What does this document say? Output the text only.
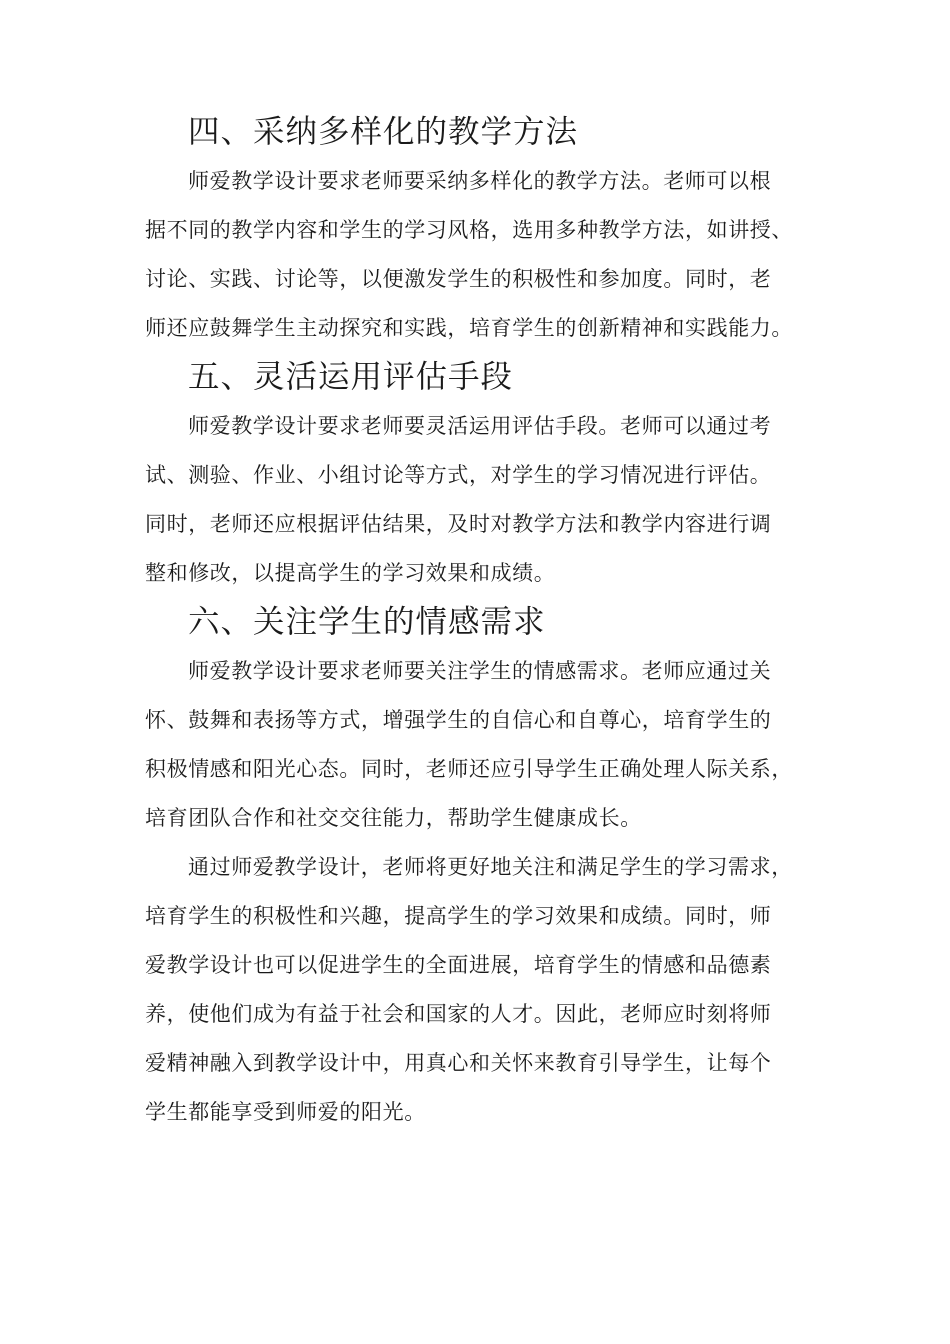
四、采纳多样化的教学方法

师爱教学设计要求老师要采纳多样化的教学方法。老师可以根
据不同的教学内容和学生的学习风格，选用多种教学方法，如讲授、
讨论、实践、讨论等，以便激发学生的积极性和参加度。同时，老
师还应鼓舞学生主动探究和实践，培育学生的创新精神和实践能力。

五、灵活运用评估手段

师爱教学设计要求老师要灵活运用评估手段。老师可以通过考
试、测验、作业、小组讨论等方式，对学生的学习情况进行评估。
同时，老师还应根据评估结果，及时对教学方法和教学内容进行调
整和修改，以提高学生的学习效果和成绩。

六、关注学生的情感需求

师爱教学设计要求老师要关注学生的情感需求。老师应通过关
怀、鼓舞和表扬等方式，增强学生的自信心和自尊心，培育学生的
积极情感和阳光心态。同时，老师还应引导学生正确处理人际关系，
培育团队合作和社交交往能力，帮助学生健康成长。

通过师爱教学设计，老师将更好地关注和满足学生的学习需求，
培育学生的积极性和兴趣，提高学生的学习效果和成绩。同时，师
爱教学设计也可以促进学生的全面进展，培育学生的情感和品德素
养，使他们成为有益于社会和国家的人才。因此，老师应时刻将师
爱精神融入到教学设计中，用真心和关怀来教育引导学生，让每个
学生都能享受到师爱的阳光。
